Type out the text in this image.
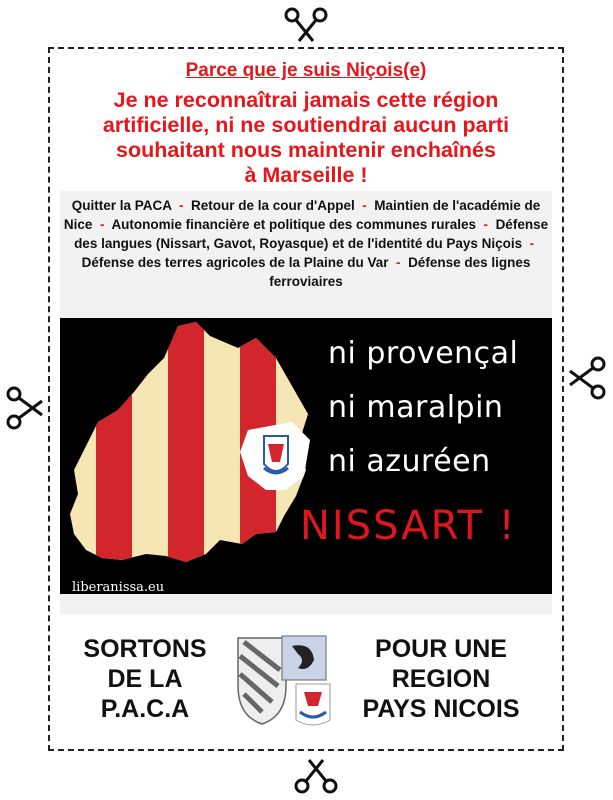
Parce que je suis Niçois(e)
Je ne reconnaîtrai jamais cette région
artificielle, ni ne soutiendrai aucun parti
souhaitant nous maintenir enchaînés
à Marseille !
Quitter la PACA  -  Retour de la cour d'Appel  -  Maintien de l'académie de Nice  -  Autonomie financière et politique des communes rurales  -  Défense des langues (Nissart, Gavot, Royasque) et de l'identité du Pays Niçois  -  Défense des terres agricoles de la Plaine du Var  -  Défense des lignes ferroviaires
ni provençal
ni maralpin
ni azuréen
NISSART !
liberanissa.eu
SORTONS
DE LA
P.A.C.A
POUR UNE
REGION
PAYS NICOIS
